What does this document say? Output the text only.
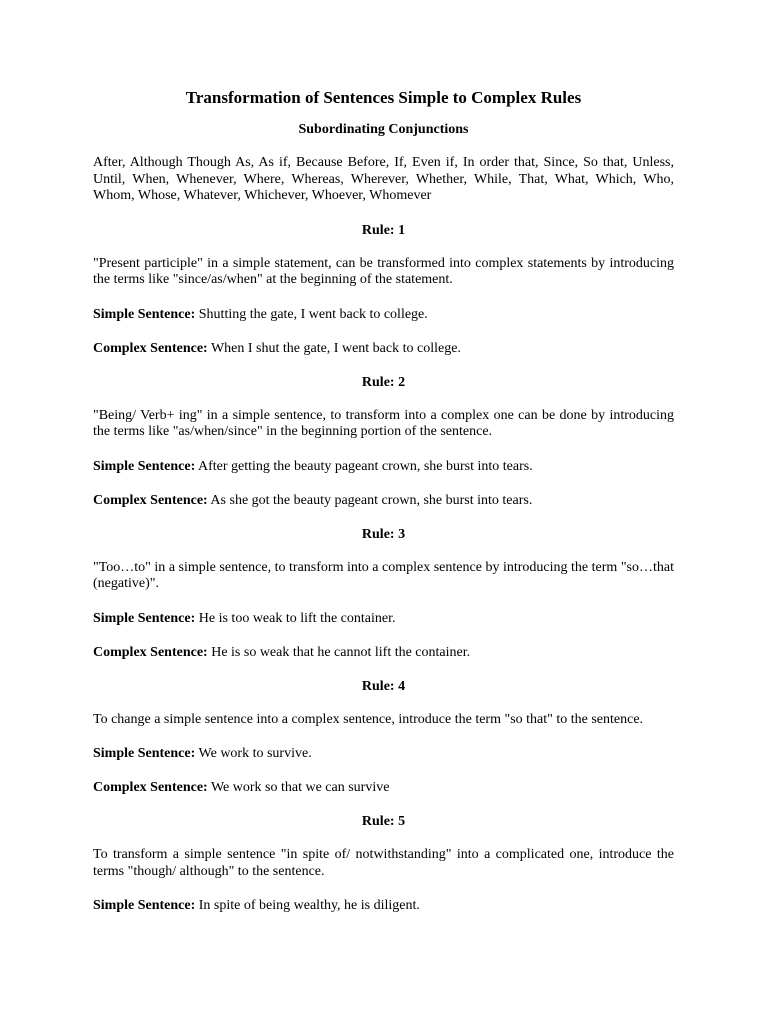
Transformation of Sentences Simple to Complex Rules
Subordinating Conjunctions

After, Although Though As, As if, Because Before, If, Even if, In order that, Since, So that, Unless, Until, When, Whenever, Where, Whereas, Wherever, Whether, While, That, What, Which, Who, Whom, Whose, Whatever, Whichever, Whoever, Whomever

Rule: 1

"Present participle" in a simple statement, can be transformed into complex statements by introducing the terms like "since/as/when" at the beginning of the statement.

Simple Sentence: Shutting the gate, I went back to college.

Complex Sentence: When I shut the gate, I went back to college.

Rule: 2

"Being/ Verb+ ing" in a simple sentence, to transform into a complex one can be done by introducing the terms like "as/when/since" in the beginning portion of the sentence.

Simple Sentence: After getting the beauty pageant crown, she burst into tears.

Complex Sentence: As she got the beauty pageant crown, she burst into tears.

Rule: 3

"Too…to" in a simple sentence, to transform into a complex sentence by introducing the term "so…that (negative)".

Simple Sentence: He is too weak to lift the container.

Complex Sentence: He is so weak that he cannot lift the container.

Rule: 4

To change a simple sentence into a complex sentence, introduce the term "so that" to the sentence.

Simple Sentence: We work to survive.

Complex Sentence: We work so that we can survive

Rule: 5

To transform a simple sentence "in spite of/ notwithstanding" into a complicated one, introduce the terms "though/ although" to the sentence.

Simple Sentence: In spite of being wealthy, he is diligent.
